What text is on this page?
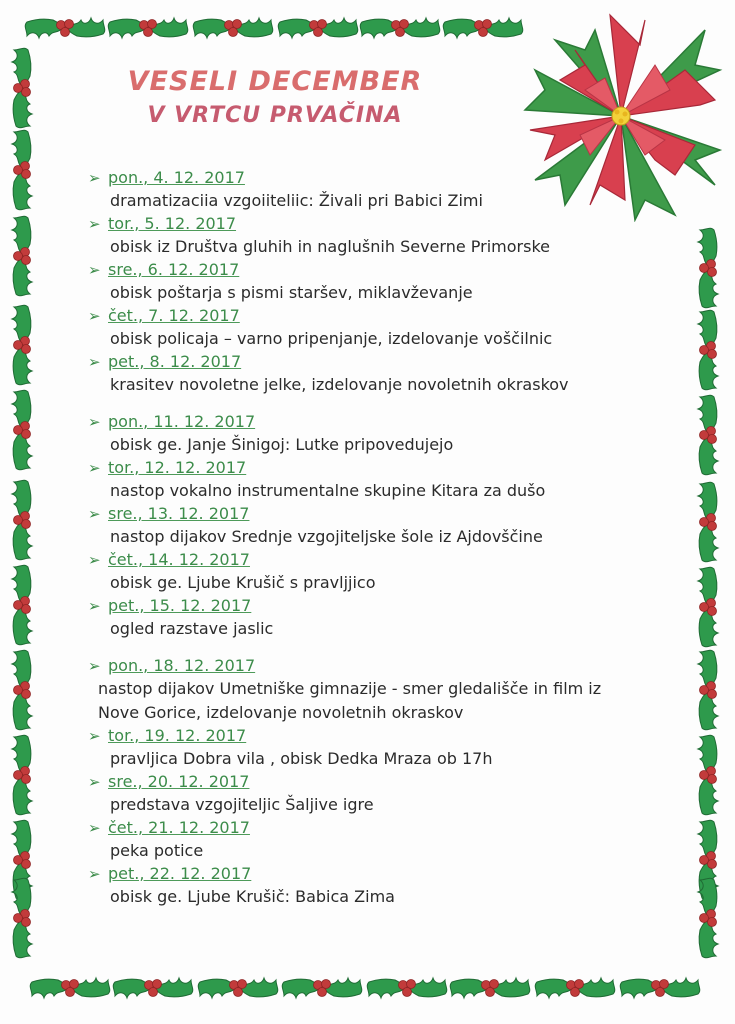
VESELI DECEMBER
V VRTCU PRVAČINA
➢ pon., 4. 12. 2017
dramatizaciia vzgoiiteliic: Živali pri Babici Zimi
➢ tor., 5. 12. 2017
obisk iz Društva gluhih in naglušnih Severne Primorske
➢ sre., 6. 12. 2017
obisk poštarja s pismi staršev, miklavževanje
➢ čet., 7. 12. 2017
obisk policaja – varno pripenjanje, izdelovanje voščilnic
➢ pet., 8. 12. 2017
krasitev novoletne jelke, izdelovanje novoletnih okraskov
➢ pon., 11. 12. 2017
obisk ge. Janje Šinigoj: Lutke pripovedujejo
➢ tor., 12. 12. 2017
nastop vokalno instrumentalne skupine Kitara za dušo
➢ sre., 13. 12. 2017
nastop dijakov Srednje vzgojiteljske šole iz Ajdovščine
➢ čet., 14. 12. 2017
obisk ge. Ljube Krušič s pravljjico
➢ pet., 15. 12. 2017
ogled razstave jaslic
➢ pon., 18. 12. 2017
nastop dijakov Umetniške gimnazije - smer gledališče in film iz Nove Gorice, izdelovanje novoletnih okraskov
➢ tor., 19. 12. 2017
pravljica Dobra vila , obisk Dedka Mraza ob 17h
➢ sre., 20. 12. 2017
predstava vzgojiteljic Šaljive igre
➢ čet., 21. 12. 2017
peka potice
➢ pet., 22. 12. 2017
obisk ge. Ljube Krušič: Babica Zima
